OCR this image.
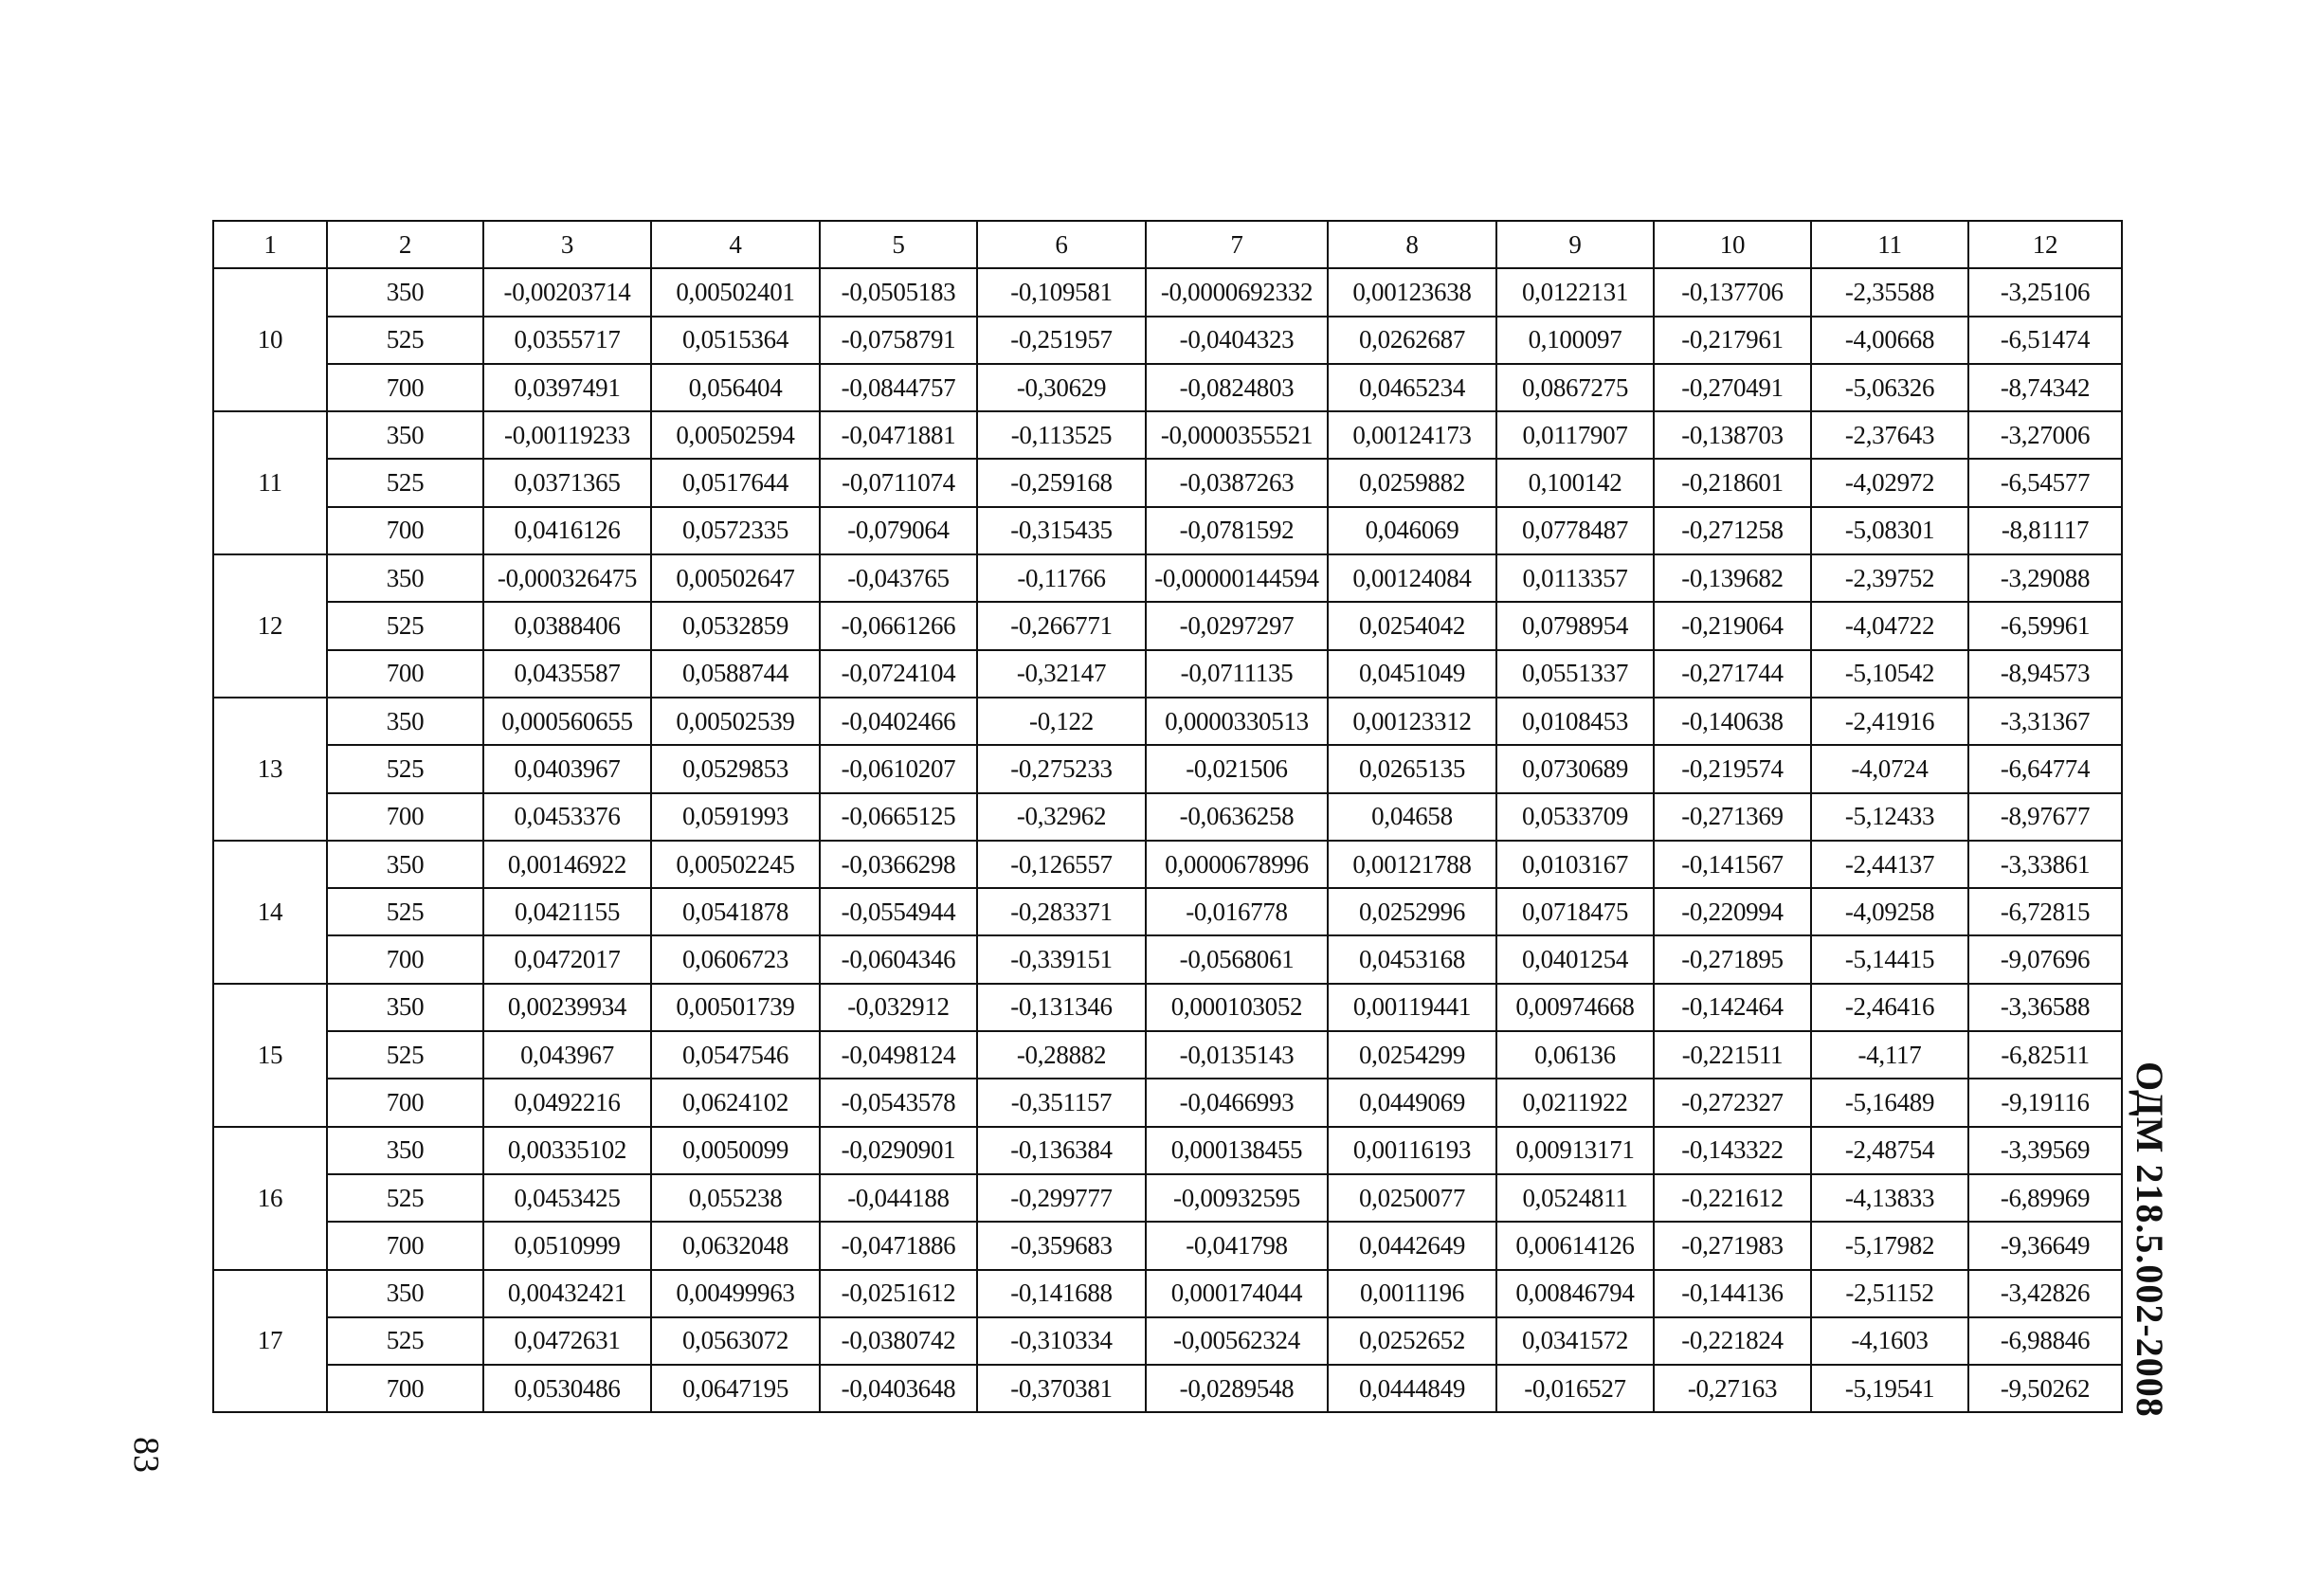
1	2	3	4	5	6	7	8	9	10	11	12
10	350	-0,00203714	0,00502401	-0,0505183	-0,109581	-0,0000692332	0,00123638	0,0122131	-0,137706	-2,35588	-3,25106
	525	0,0355717	0,0515364	-0,0758791	-0,251957	-0,0404323	0,0262687	0,100097	-0,217961	-4,00668	-6,51474
	700	0,0397491	0,056404	-0,0844757	-0,30629	-0,0824803	0,0465234	0,0867275	-0,270491	-5,06326	-8,74342
11	350	-0,00119233	0,00502594	-0,0471881	-0,113525	-0,0000355521	0,00124173	0,0117907	-0,138703	-2,37643	-3,27006
	525	0,0371365	0,0517644	-0,0711074	-0,259168	-0,0387263	0,0259882	0,100142	-0,218601	-4,02972	-6,54577
	700	0,0416126	0,0572335	-0,079064	-0,315435	-0,0781592	0,046069	0,0778487	-0,271258	-5,08301	-8,81117
12	350	-0,000326475	0,00502647	-0,043765	-0,11766	-0,00000144594	0,00124084	0,0113357	-0,139682	-2,39752	-3,29088
	525	0,0388406	0,0532859	-0,0661266	-0,266771	-0,0297297	0,0254042	0,0798954	-0,219064	-4,04722	-6,59961
	700	0,0435587	0,0588744	-0,0724104	-0,32147	-0,0711135	0,0451049	0,0551337	-0,271744	-5,10542	-8,94573
13	350	0,000560655	0,00502539	-0,0402466	-0,122	0,0000330513	0,00123312	0,0108453	-0,140638	-2,41916	-3,31367
	525	0,0403967	0,0529853	-0,0610207	-0,275233	-0,021506	0,0265135	0,0730689	-0,219574	-4,0724	-6,64774
	700	0,0453376	0,0591993	-0,0665125	-0,32962	-0,0636258	0,04658	0,0533709	-0,271369	-5,12433	-8,97677
14	350	0,00146922	0,00502245	-0,0366298	-0,126557	0,0000678996	0,00121788	0,0103167	-0,141567	-2,44137	-3,33861
	525	0,0421155	0,0541878	-0,0554944	-0,283371	-0,016778	0,0252996	0,0718475	-0,220994	-4,09258	-6,72815
	700	0,0472017	0,0606723	-0,0604346	-0,339151	-0,0568061	0,0453168	0,0401254	-0,271895	-5,14415	-9,07696
15	350	0,00239934	0,00501739	-0,032912	-0,131346	0,000103052	0,00119441	0,00974668	-0,142464	-2,46416	-3,36588
	525	0,043967	0,0547546	-0,0498124	-0,28882	-0,0135143	0,0254299	0,06136	-0,221511	-4,117	-6,82511
	700	0,0492216	0,0624102	-0,0543578	-0,351157	-0,0466993	0,0449069	0,0211922	-0,272327	-5,16489	-9,19116
16	350	0,00335102	0,0050099	-0,0290901	-0,136384	0,000138455	0,00116193	0,00913171	-0,143322	-2,48754	-3,39569
	525	0,0453425	0,055238	-0,044188	-0,299777	-0,00932595	0,0250077	0,0524811	-0,221612	-4,13833	-6,89969
	700	0,0510999	0,0632048	-0,0471886	-0,359683	-0,041798	0,0442649	0,00614126	-0,271983	-5,17982	-9,36649
17	350	0,00432421	0,00499963	-0,0251612	-0,141688	0,000174044	0,0011196	0,00846794	-0,144136	-2,51152	-3,42826
	525	0,0472631	0,0563072	-0,0380742	-0,310334	-0,00562324	0,0252652	0,0341572	-0,221824	-4,1603	-6,98846
	700	0,0530486	0,0647195	-0,0403648	-0,370381	-0,0289548	0,0444849	-0,016527	-0,27163	-5,19541	-9,50262	ОДМ 218.5.002-2008
83
